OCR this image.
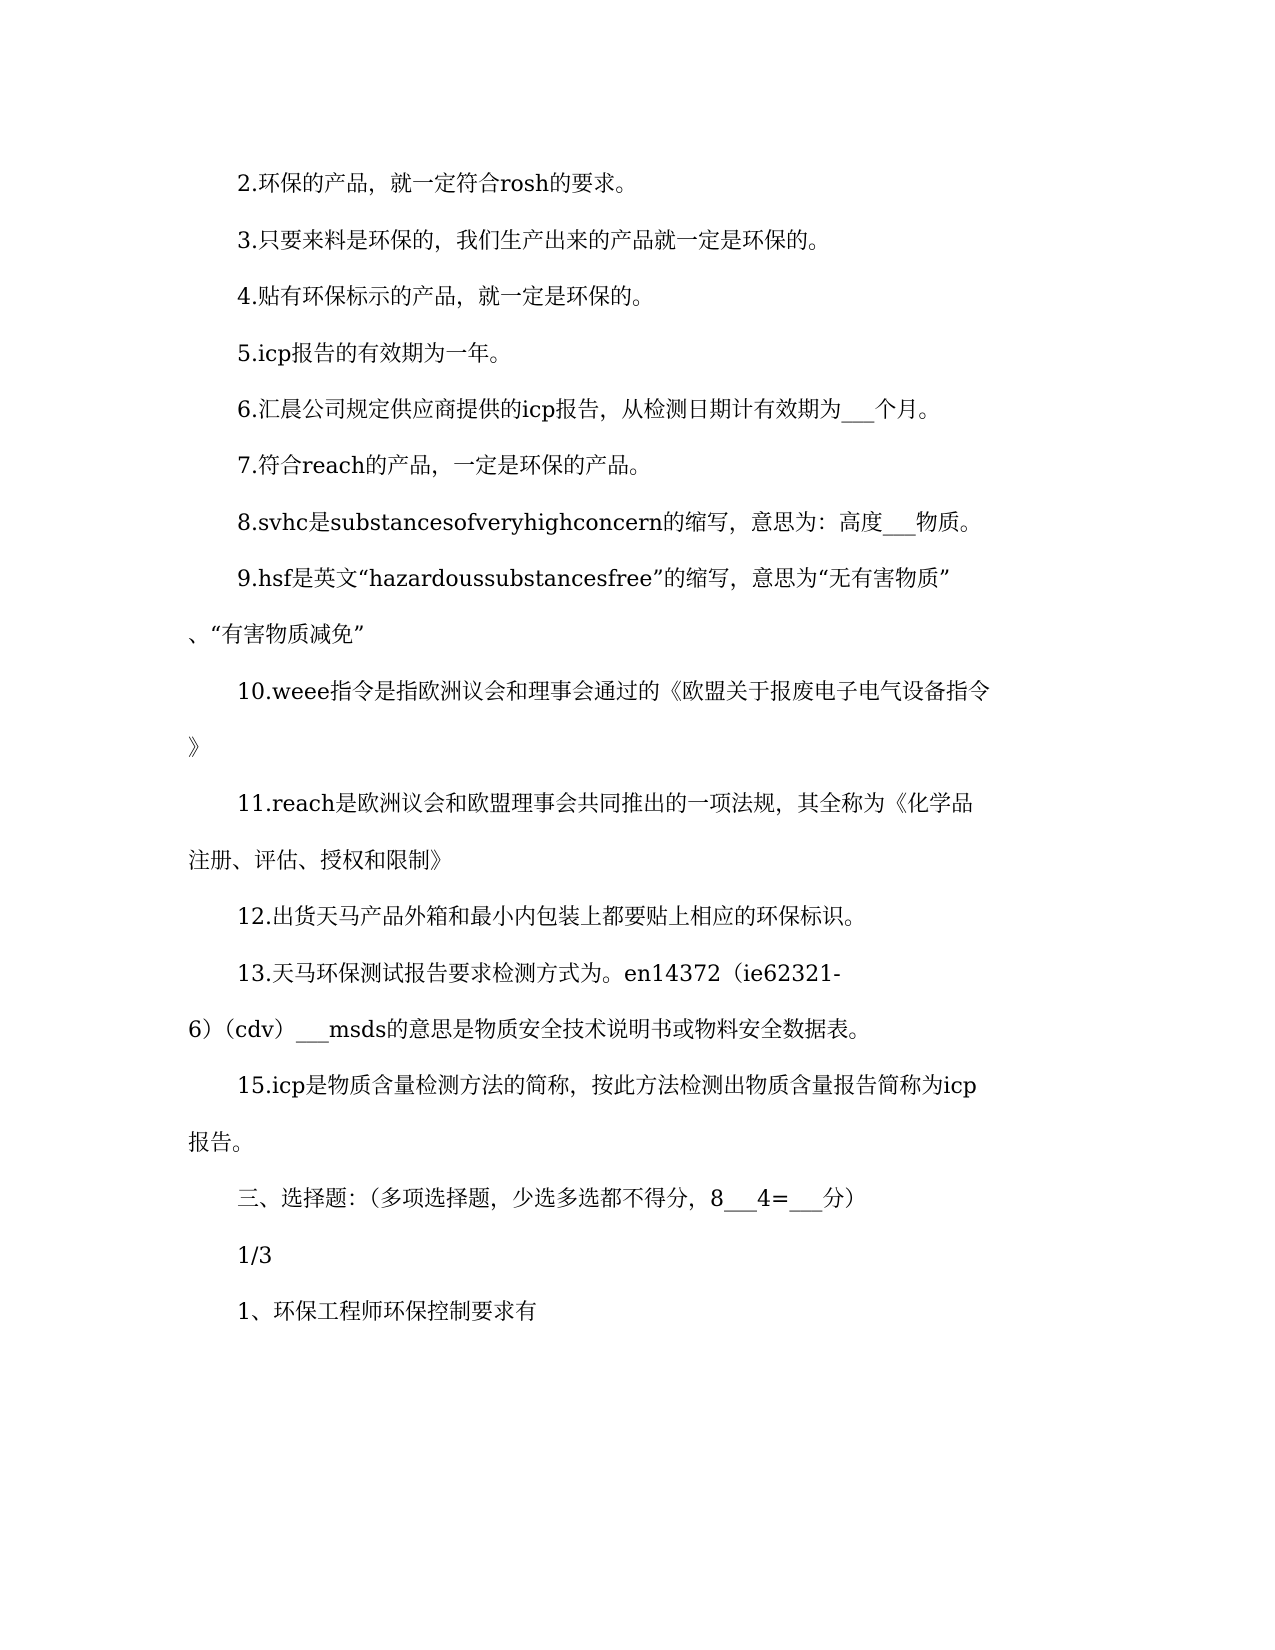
2.环保的产品，就一定符合rosh的要求。
3.只要来料是环保的，我们生产出来的产品就一定是环保的。
4.贴有环保标示的产品，就一定是环保的。
5.icp报告的有效期为一年。
6.汇晨公司规定供应商提供的icp报告，从检测日期计有效期为___个月。
7.符合reach的产品，一定是环保的产品。
8.svhc是substancesofveryhighconcern的缩写，意思为：高度___物质。
9.hsf是英文“hazardoussubstancesfree”的缩写，意思为“无有害物质”
、“有害物质减免”
10.weee指令是指欧洲议会和理事会通过的《欧盟关于报废电子电气设备指令
》
11.reach是欧洲议会和欧盟理事会共同推出的一项法规，其全称为《化学品
注册、评估、授权和限制》
12.出货天马产品外箱和最小内包装上都要贴上相应的环保标识。
13.天马环保测试报告要求检测方式为。en14372（ie62321-
6）（cdv）___msds的意思是物质安全技术说明书或物料安全数据表。
15.icp是物质含量检测方法的简称，按此方法检测出物质含量报告简称为icp
报告。
三、选择题：（多项选择题，少选多选都不得分，8___4=___分）
1/3
1、环保工程师环保控制要求有
